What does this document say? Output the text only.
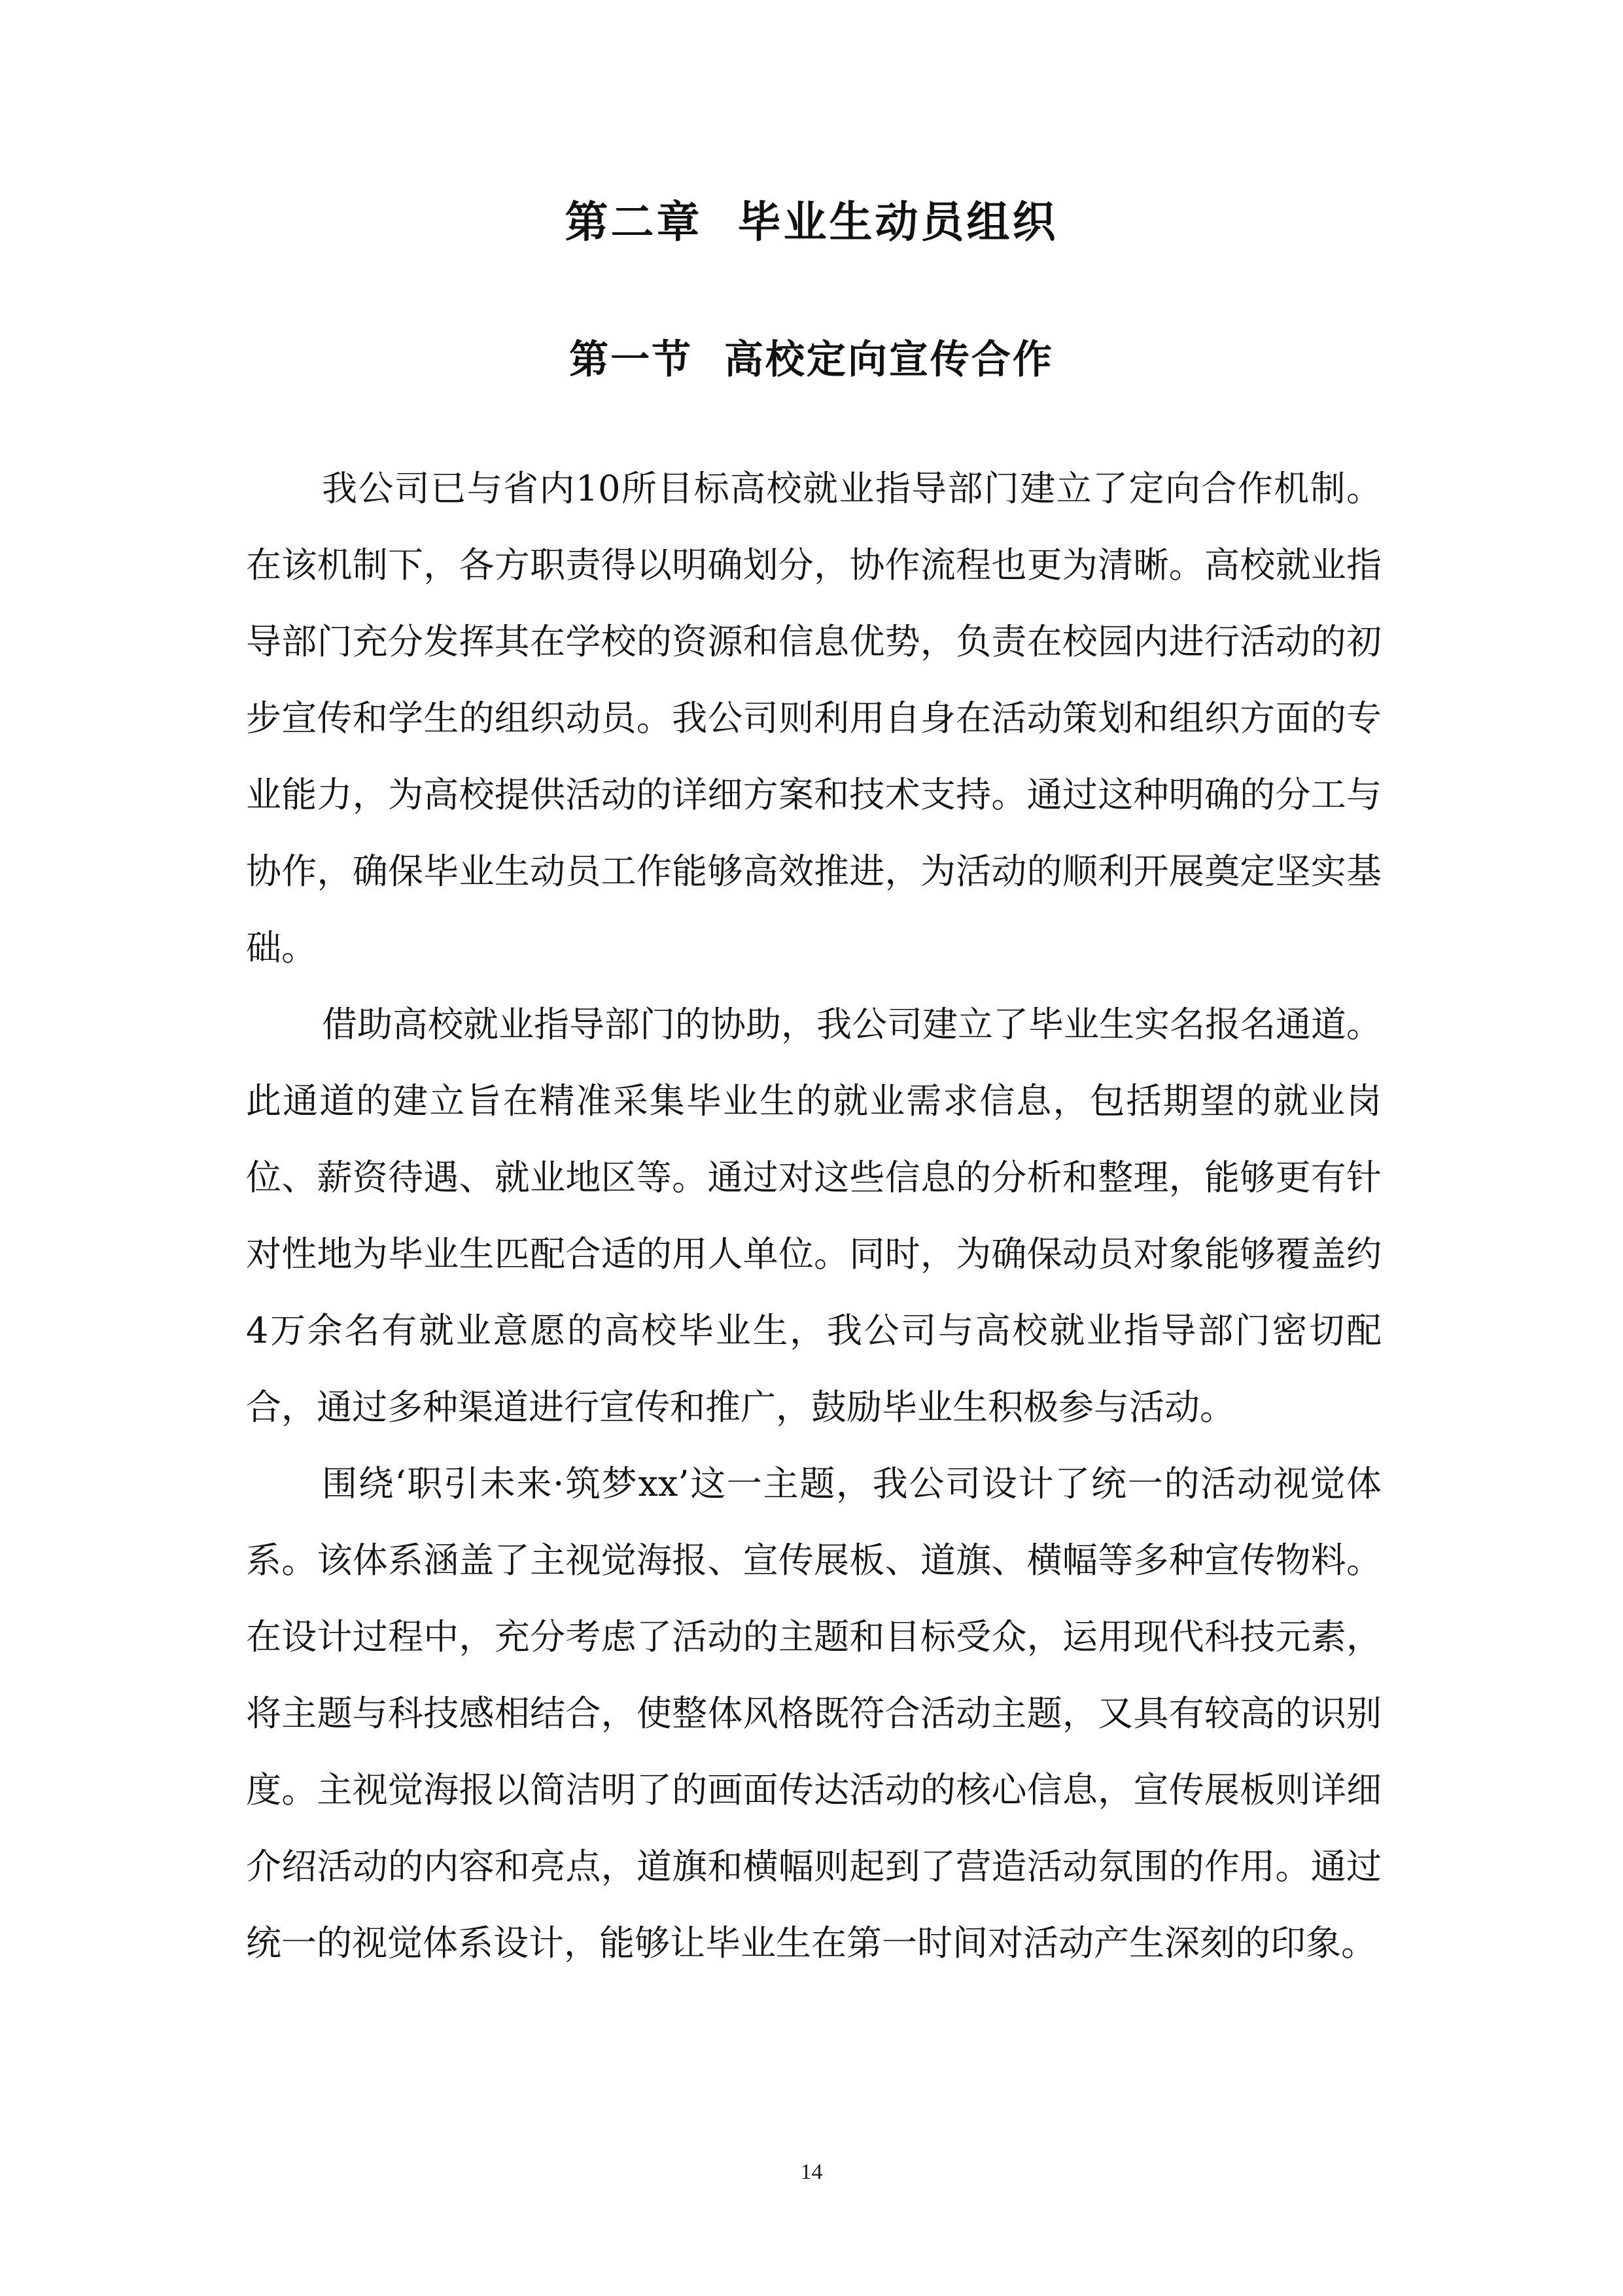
第二章  毕业生动员组织
第一节  高校定向宣传合作

我公司已与省内10所目标高校就业指导部门建立了定向合作机制。在该机制下，各方职责得以明确划分，协作流程也更为清晰。高校就业指导部门充分发挥其在学校的资源和信息优势，负责在校园内进行活动的初步宣传和学生的组织动员。我公司则利用自身在活动策划和组织方面的专业能力，为高校提供活动的详细方案和技术支持。通过这种明确的分工与协作，确保毕业生动员工作能够高效推进，为活动的顺利开展奠定坚实基础。

借助高校就业指导部门的协助，我公司建立了毕业生实名报名通道。此通道的建立旨在精准采集毕业生的就业需求信息，包括期望的就业岗位、薪资待遇、就业地区等。通过对这些信息的分析和整理，能够更有针对性地为毕业生匹配合适的用人单位。同时，为确保动员对象能够覆盖约4万余名有就业意愿的高校毕业生，我公司与高校就业指导部门密切配合，通过多种渠道进行宣传和推广，鼓励毕业生积极参与活动。

围绕‘职引未来·筑梦xx’这一主题，我公司设计了统一的活动视觉体系。该体系涵盖了主视觉海报、宣传展板、道旗、横幅等多种宣传物料。在设计过程中，充分考虑了活动的主题和目标受众，运用现代科技元素，将主题与科技感相结合，使整体风格既符合活动主题，又具有较高的识别度。主视觉海报以简洁明了的画面传达活动的核心信息，宣传展板则详细介绍活动的内容和亮点，道旗和横幅则起到了营造活动氛围的作用。通过统一的视觉体系设计，能够让毕业生在第一时间对活动产生深刻的印象。

14
